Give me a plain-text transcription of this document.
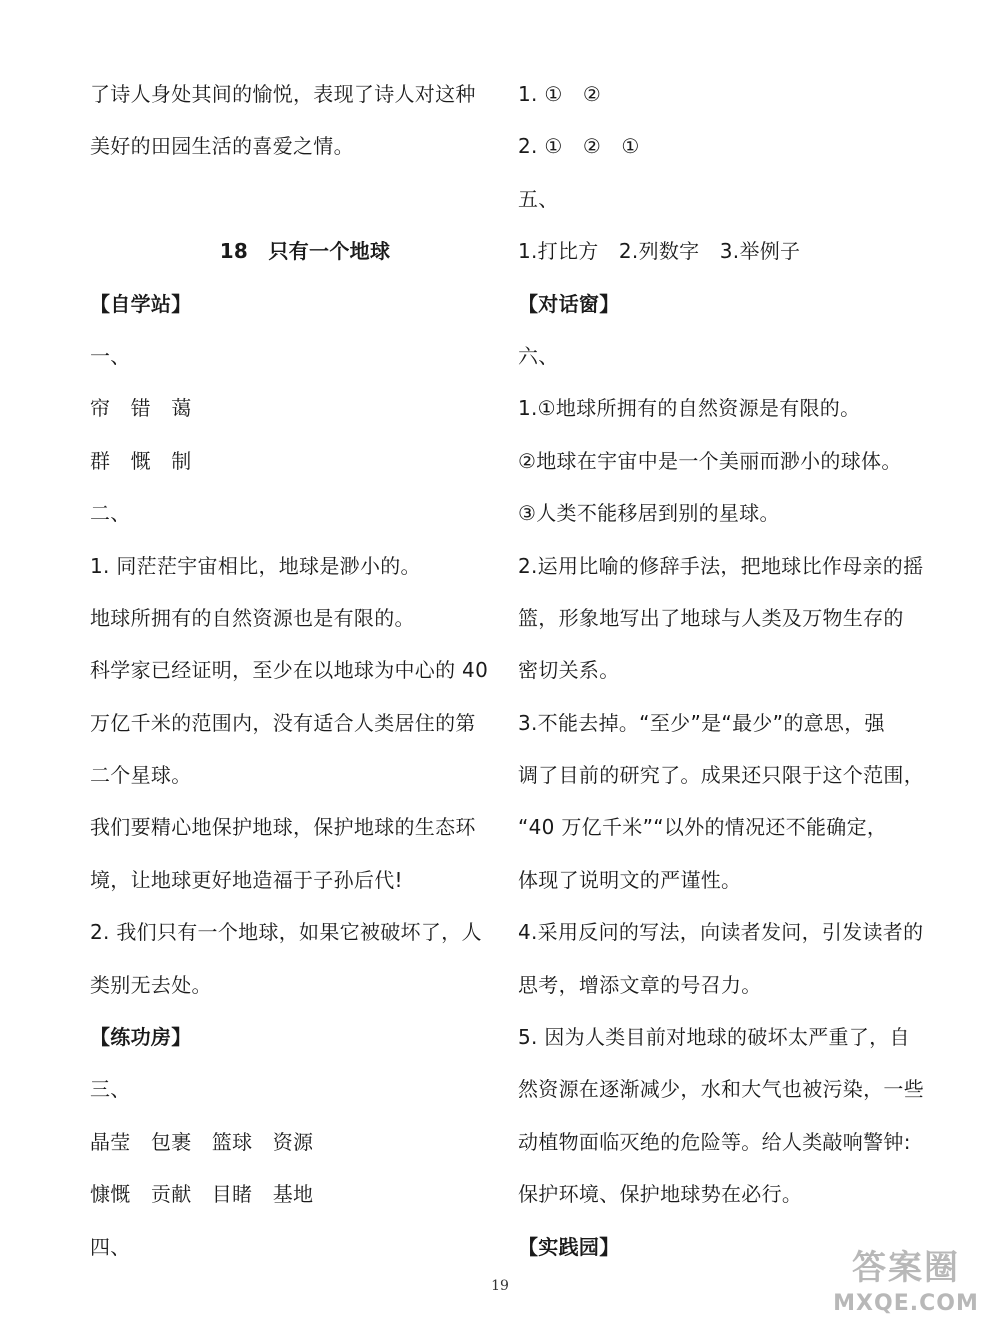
了诗人身处其间的愉悦，表现了诗人对这种
美好的田园生活的喜爱之情。
18　只有一个地球
【自学站】
一、
帘　错　蔼
群　慨　制
二、
1. 同茫茫宇宙相比，地球是渺小的。
地球所拥有的自然资源也是有限的。
科学家已经证明，至少在以地球为中心的 40
万亿千米的范围内，没有适合人类居住的第
二个星球。
我们要精心地保护地球，保护地球的生态环
境，让地球更好地造福于子孙后代!
2. 我们只有一个地球，如果它被破坏了，人
类别无去处。
【练功房】
三、
晶莹　包裹　篮球　资源
慷慨　贡献　目睹　基地
四、
1. ①　②
2. ①　②　①
五、
1.打比方　2.列数字　3.举例子
【对话窗】
六、
1.①地球所拥有的自然资源是有限的。
②地球在宇宙中是一个美丽而渺小的球体。
③人类不能移居到别的星球。
2.运用比喻的修辞手法，把地球比作母亲的摇
篮，形象地写出了地球与人类及万物生存的
密切关系。
3.不能去掉。“至少”是“最少”的意思，强
调了目前的研究了。成果还只限于这个范围，
“40 万亿千米”“以外的情况还不能确定，
体现了说明文的严谨性。
4.采用反问的写法，向读者发问，引发读者的
思考，增添文章的号召力。
5. 因为人类目前对地球的破坏太严重了，自
然资源在逐渐减少，水和大气也被污染，一些
动植物面临灭绝的危险等。给人类敲响警钟:
保护环境、保护地球势在必行。
【实践园】
19	答案圈
MXQE.COM
